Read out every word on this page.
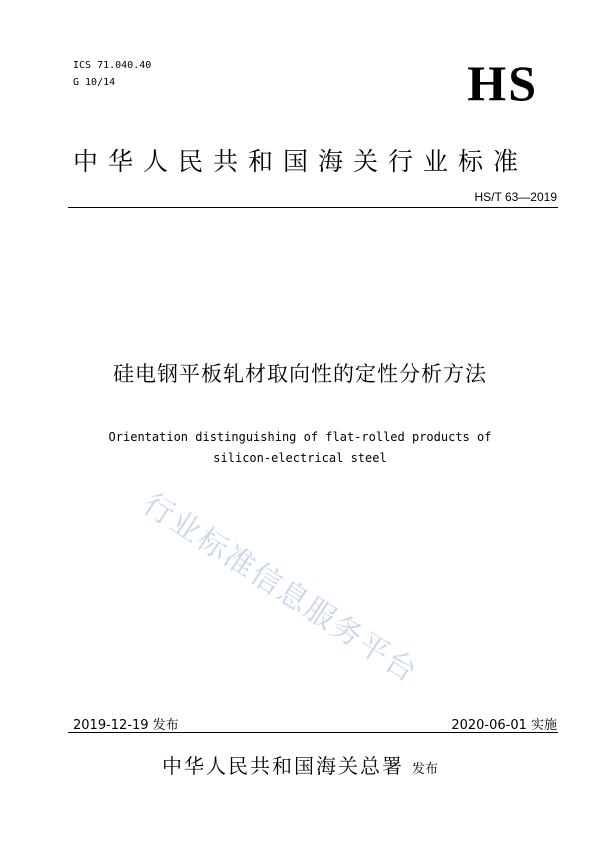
ICS 71.040.40
G 10/14	HS
中华人民共和国海关行业标准
HS/T 63—2019
硅电钢平板轧材取向性的定性分析方法
Orientation distinguishing of flat-rolled products of
silicon-electrical steel
行业标准信息服务平台
2019-12-19 发布	2020-06-01 实施
中华人民共和国海关总署 发布
